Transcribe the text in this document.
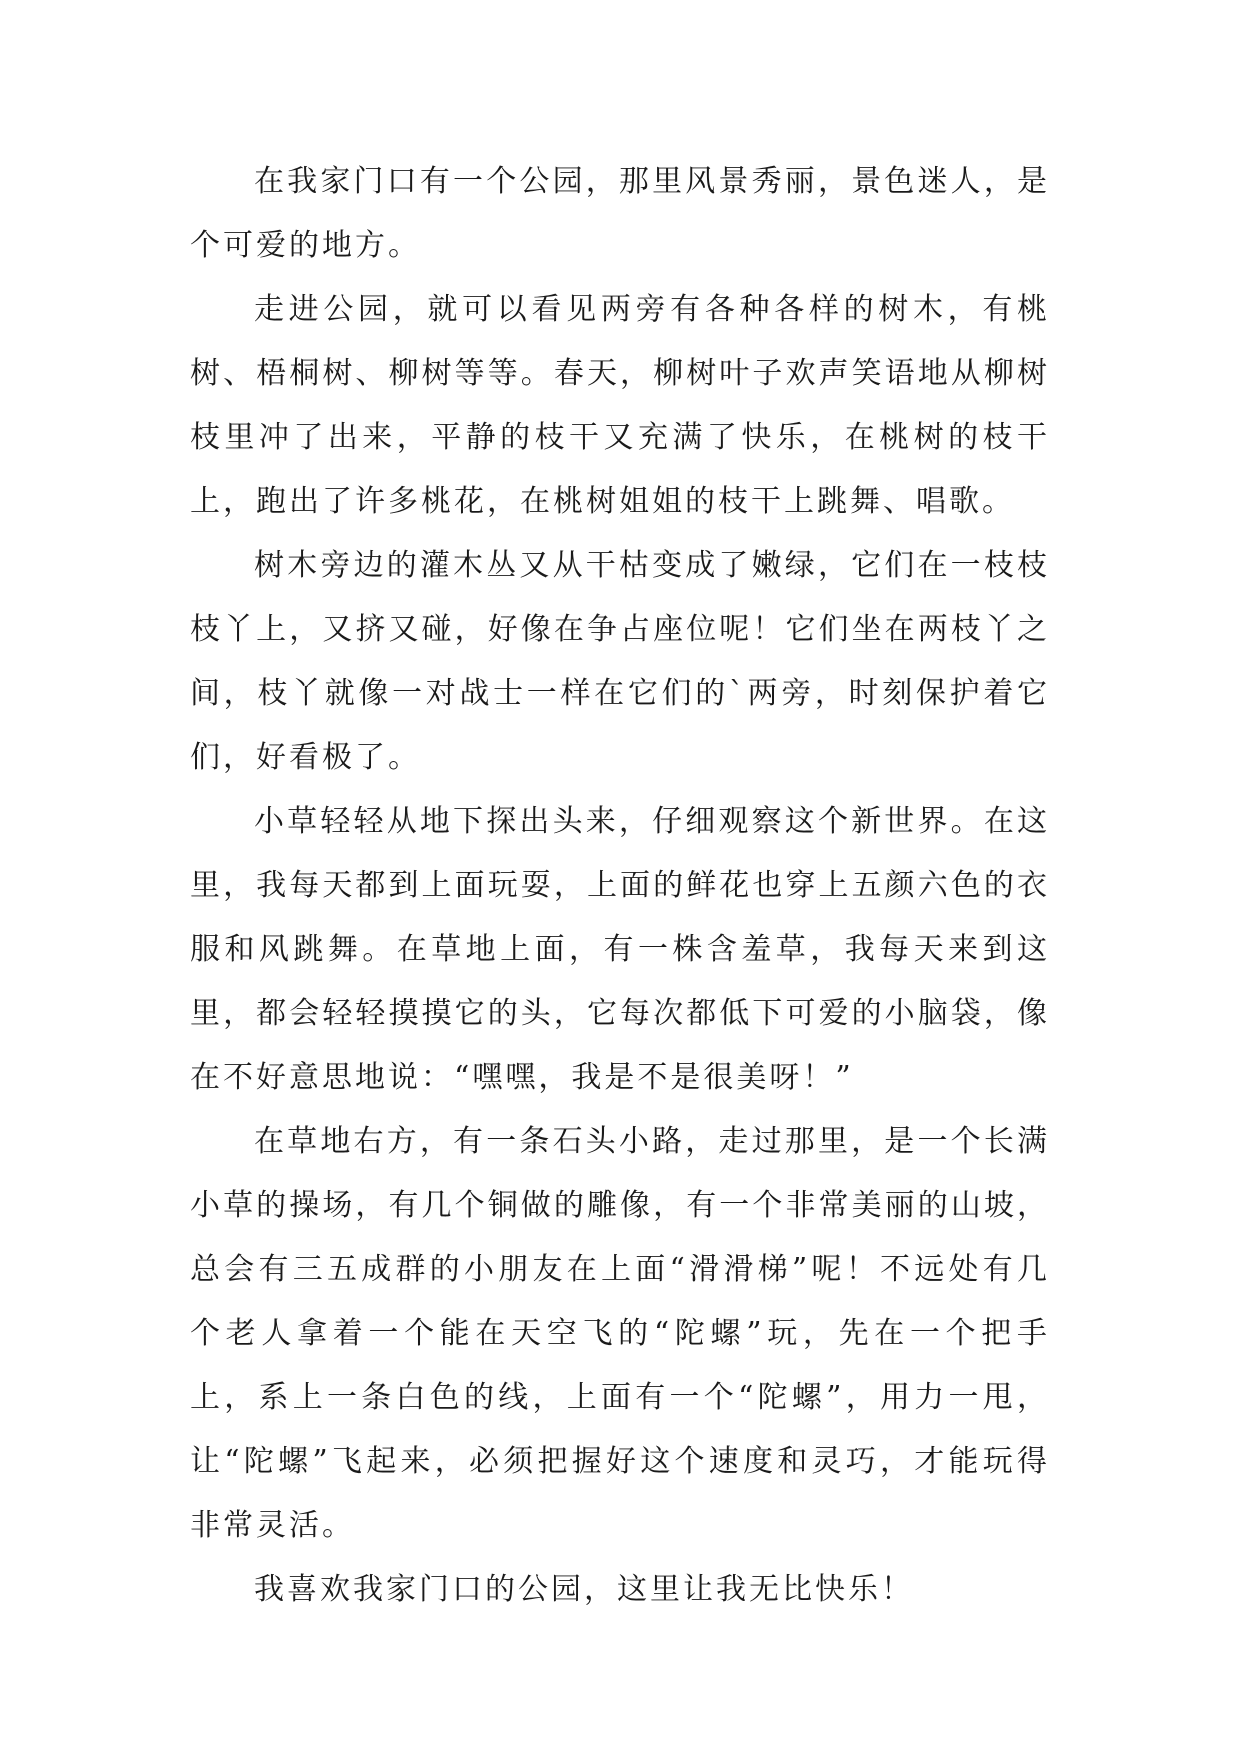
在我家门口有一个公园，那里风景秀丽，景色迷人，是个可爱的地方。

走进公园，就可以看见两旁有各种各样的树木，有桃树、梧桐树、柳树等等。春天，柳树叶子欢声笑语地从柳树枝里冲了出来，平静的枝干又充满了快乐，在桃树的枝干上，跑出了许多桃花，在桃树姐姐的枝干上跳舞、唱歌。

树木旁边的灌木丛又从干枯变成了嫩绿，它们在一枝枝枝丫上，又挤又碰，好像在争占座位呢！它们坐在两枝丫之间，枝丫就像一对战士一样在它们的`两旁，时刻保护着它们，好看极了。

小草轻轻从地下探出头来，仔细观察这个新世界。在这里，我每天都到上面玩耍，上面的鲜花也穿上五颜六色的衣服和风跳舞。在草地上面，有一株含羞草，我每天来到这里，都会轻轻摸摸它的头，它每次都低下可爱的小脑袋，像在不好意思地说：“嘿嘿，我是不是很美呀！”

在草地右方，有一条石头小路，走过那里，是一个长满小草的操场，有几个铜做的雕像，有一个非常美丽的山坡，总会有三五成群的小朋友在上面“滑滑梯”呢！不远处有几个老人拿着一个能在天空飞的“陀螺”玩，先在一个把手上，系上一条白色的线，上面有一个“陀螺”，用力一甩，让“陀螺”飞起来，必须把握好这个速度和灵巧，才能玩得非常灵活。

我喜欢我家门口的公园，这里让我无比快乐！
